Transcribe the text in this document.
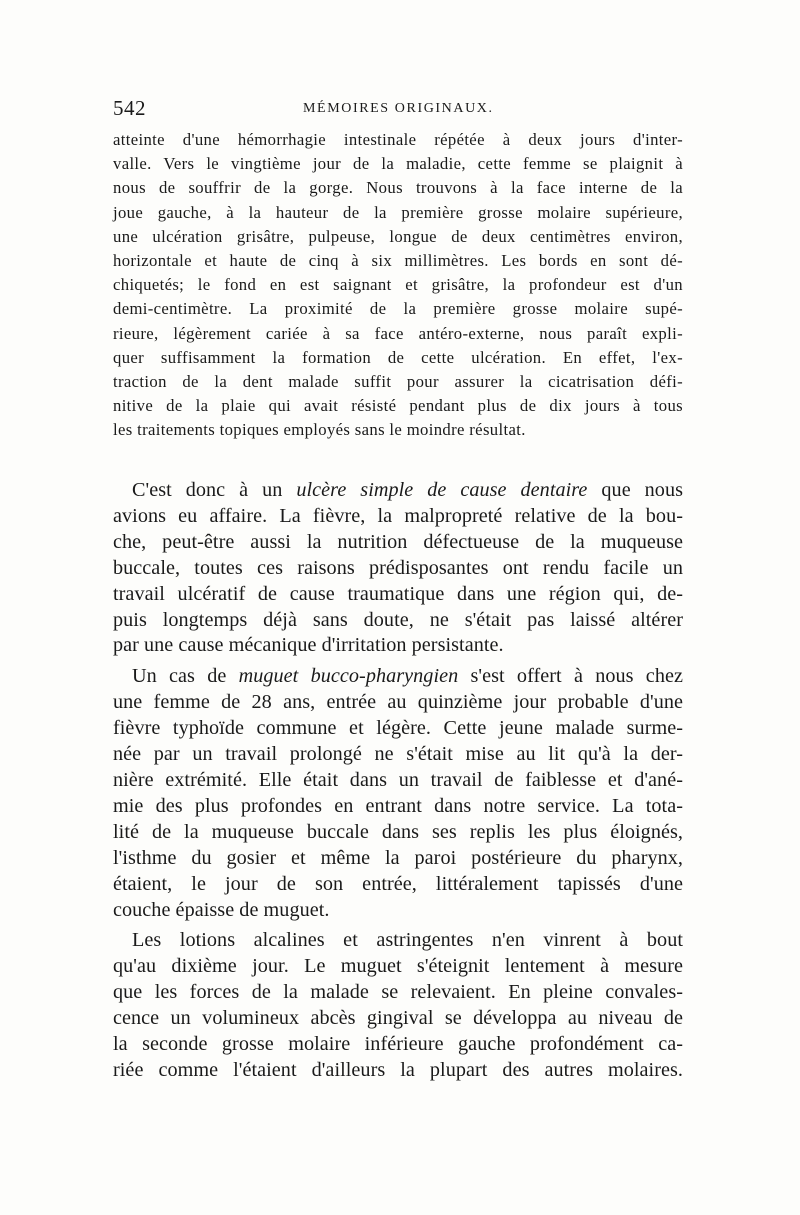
542	MÉMOIRES ORIGINAUX.
atteinte d'une hémorrhagie intestinale répétée à deux jours d'inter-
valle. Vers le vingtième jour de la maladie, cette femme se plaignit à
nous de souffrir de la gorge. Nous trouvons à la face interne de la
joue gauche, à la hauteur de la première grosse molaire supérieure,
une ulcération grisâtre, pulpeuse, longue de deux centimètres environ,
horizontale et haute de cinq à six millimètres. Les bords en sont dé-
chiquetés; le fond en est saignant et grisâtre, la profondeur est d'un
demi-centimètre. La proximité de la première grosse molaire supé-
rieure, légèrement cariée à sa face antéro-externe, nous paraît expli-
quer suffisamment la formation de cette ulcération. En effet, l'ex-
traction de la dent malade suffit pour assurer la cicatrisation défi-
nitive de la plaie qui avait résisté pendant plus de dix jours à tous
les traitements topiques employés sans le moindre résultat.
C'est donc à un ulcère simple de cause dentaire que nous
avions eu affaire. La fièvre, la malpropreté relative de la bou-
che, peut-être aussi la nutrition défectueuse de la muqueuse
buccale, toutes ces raisons prédisposantes ont rendu facile un
travail ulcératif de cause traumatique dans une région qui, de-
puis longtemps déjà sans doute, ne s'était pas laissé altérer
par une cause mécanique d'irritation persistante.
Un cas de muguet bucco-pharyngien s'est offert à nous chez
une femme de 28 ans, entrée au quinzième jour probable d'une
fièvre typhoïde commune et légère. Cette jeune malade surme-
née par un travail prolongé ne s'était mise au lit qu'à la der-
nière extrémité. Elle était dans un travail de faiblesse et d'ané-
mie des plus profondes en entrant dans notre service. La tota-
lité de la muqueuse buccale dans ses replis les plus éloignés,
l'isthme du gosier et même la paroi postérieure du pharynx,
étaient, le jour de son entrée, littéralement tapissés d'une
couche épaisse de muguet.
Les lotions alcalines et astringentes n'en vinrent à bout
qu'au dixième jour. Le muguet s'éteignit lentement à mesure
que les forces de la malade se relevaient. En pleine convales-
cence un volumineux abcès gingival se développa au niveau de
la seconde grosse molaire inférieure gauche profondément ca-
riée comme l'étaient d'ailleurs la plupart des autres molaires.
